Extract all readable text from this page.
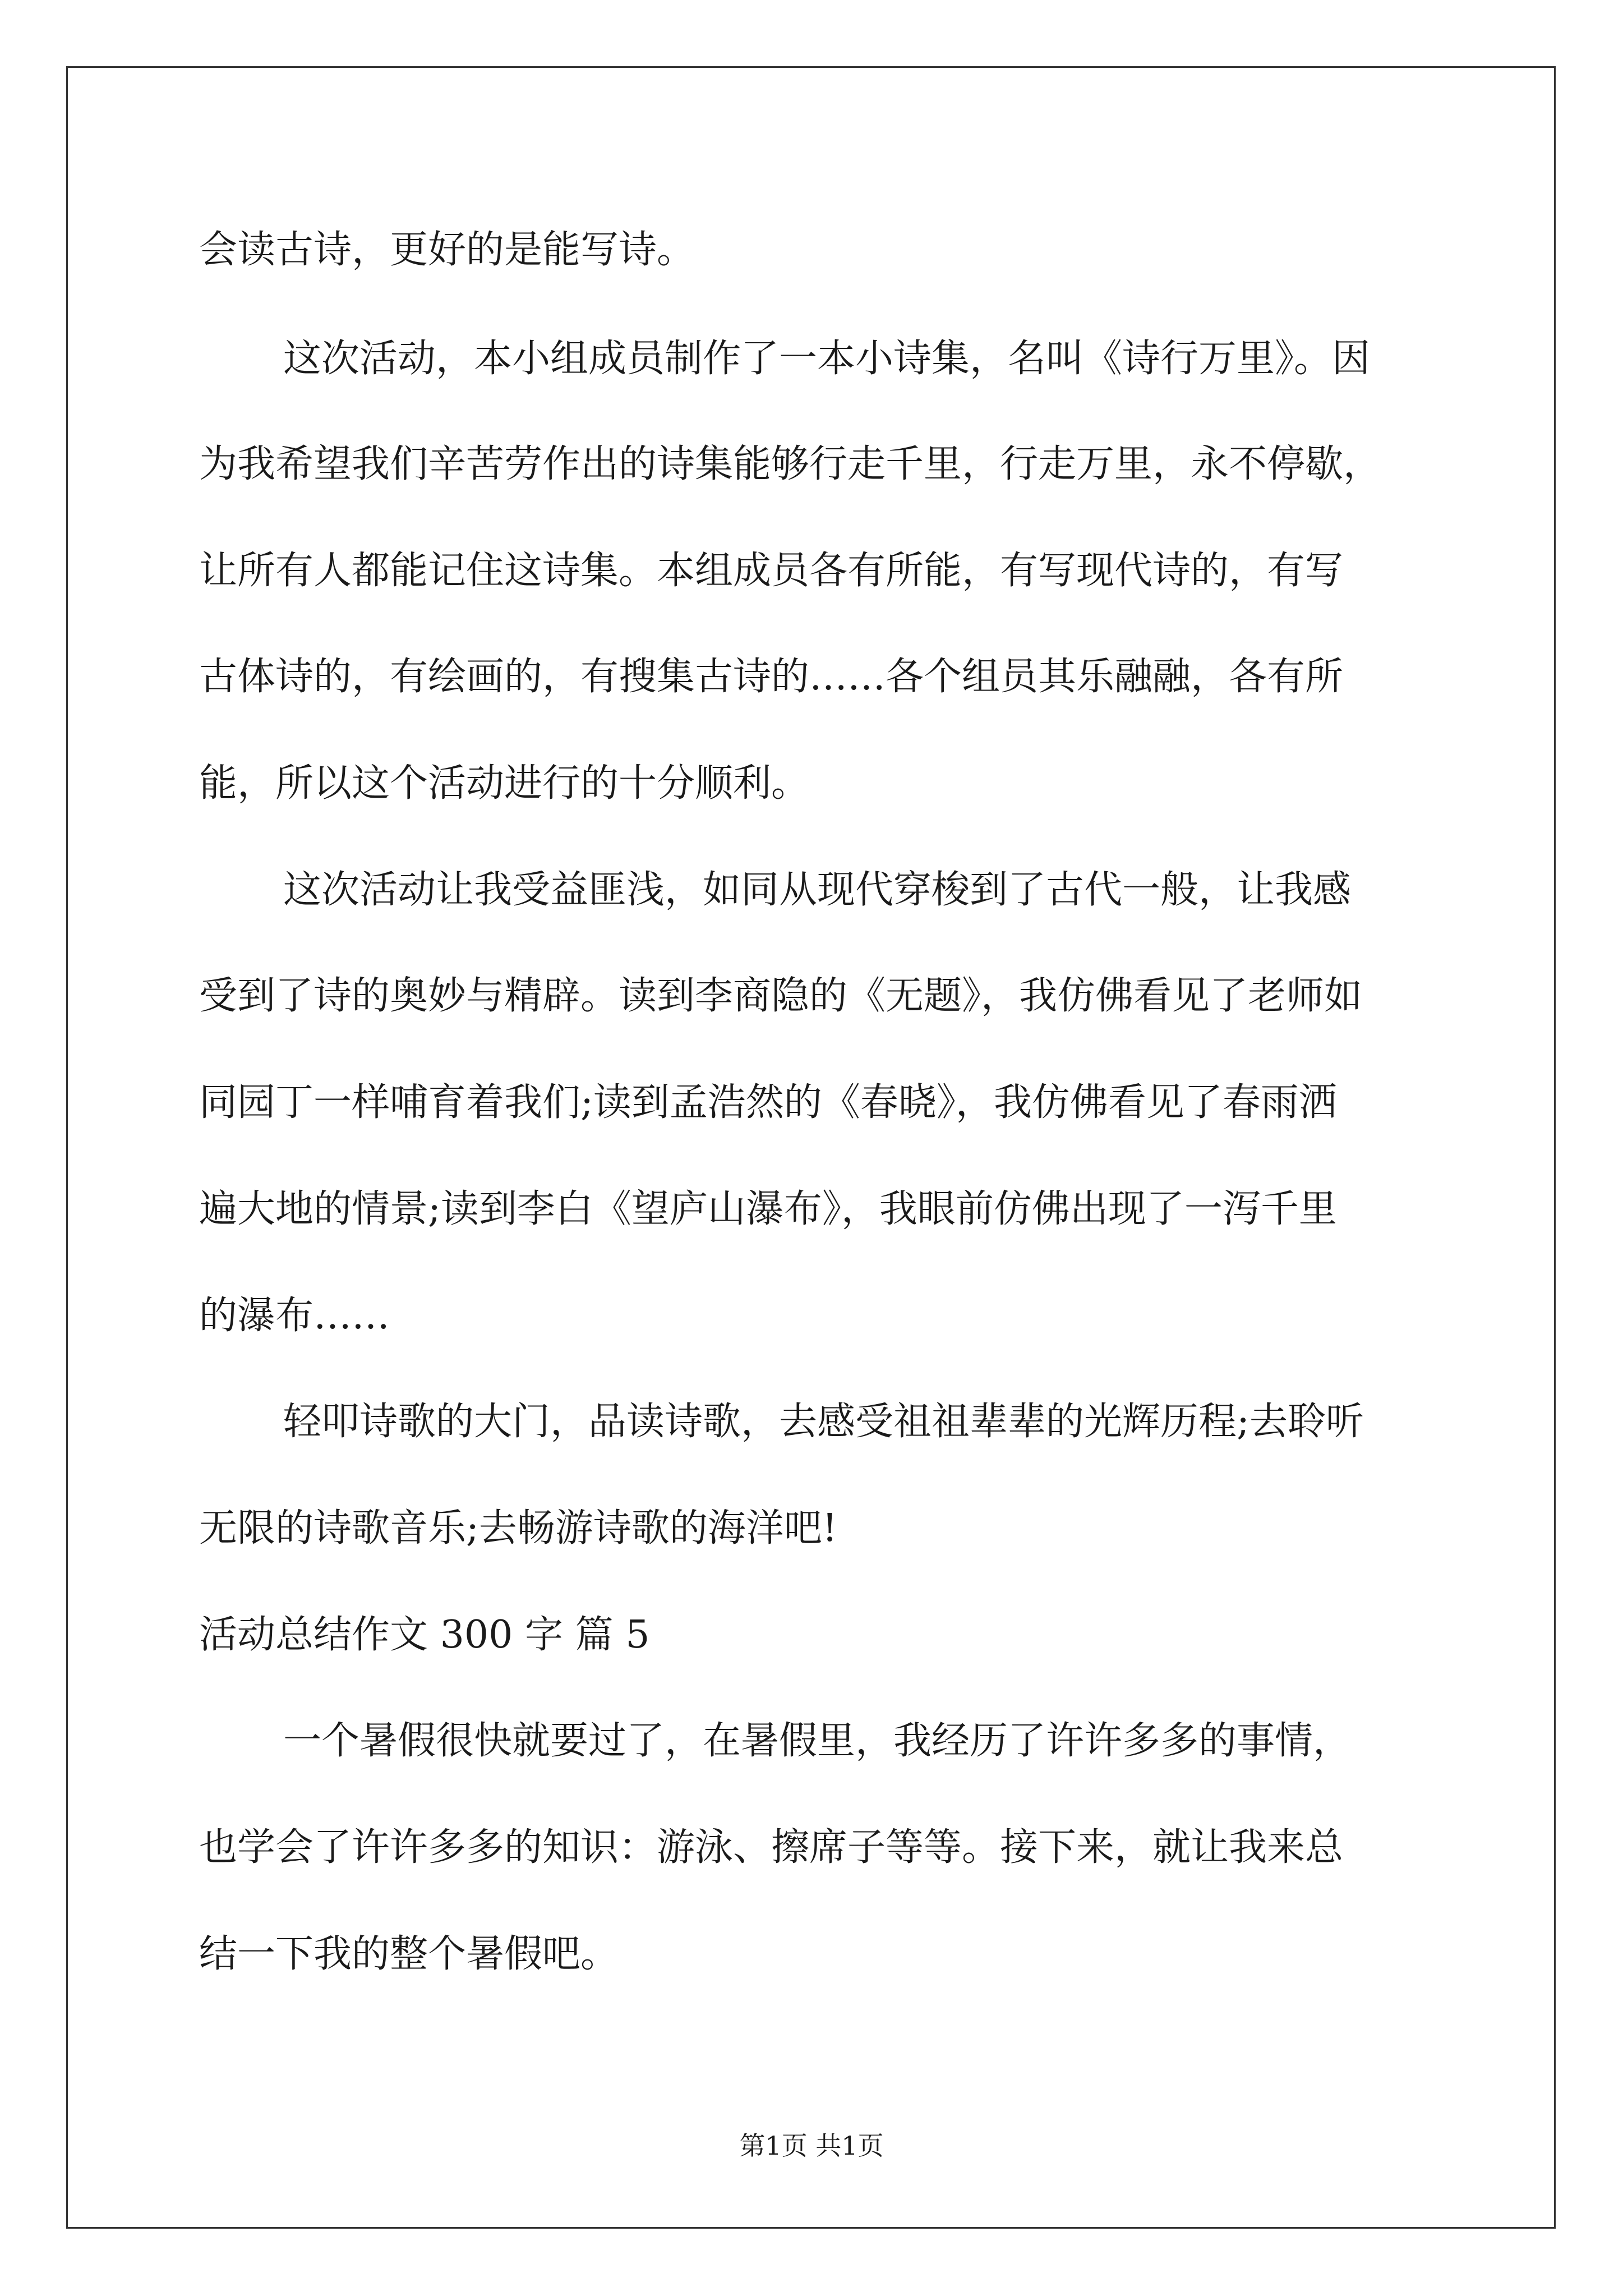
会读古诗，更好的是能写诗。
这次活动，本小组成员制作了一本小诗集，名叫《诗行万里》。因
为我希望我们辛苦劳作出的诗集能够行走千里，行走万里，永不停歇，
让所有人都能记住这诗集。本组成员各有所能，有写现代诗的，有写
古体诗的，有绘画的，有搜集古诗的……各个组员其乐融融，各有所
能，所以这个活动进行的十分顺利。
这次活动让我受益匪浅，如同从现代穿梭到了古代一般，让我感
受到了诗的奥妙与精辟。读到李商隐的《无题》，我仿佛看见了老师如
同园丁一样哺育着我们;读到孟浩然的《春晓》，我仿佛看见了春雨洒
遍大地的情景;读到李白《望庐山瀑布》，我眼前仿佛出现了一泻千里
的瀑布……
轻叩诗歌的大门，品读诗歌，去感受祖祖辈辈的光辉历程;去聆听
无限的诗歌音乐;去畅游诗歌的海洋吧!
活动总结作文 300 字 篇 5
一个暑假很快就要过了，在暑假里，我经历了许许多多的事情，
也学会了许许多多的知识：游泳、擦席子等等。接下来，就让我来总
结一下我的整个暑假吧。
第1页 共1页
